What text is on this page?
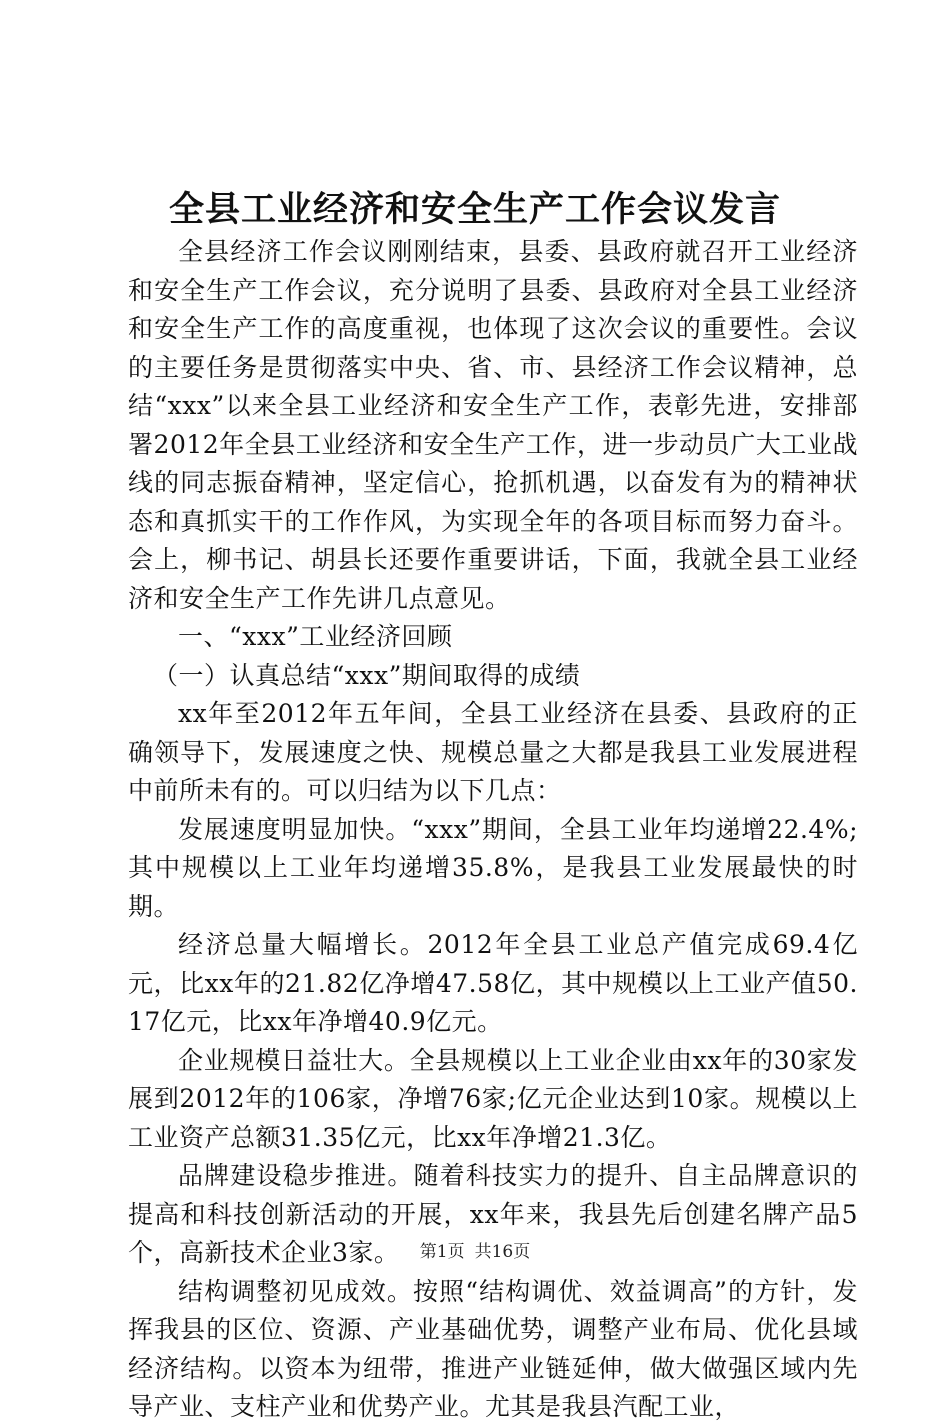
全县工业经济和安全生产工作会议发言

全县经济工作会议刚刚结束，县委、县政府就召开工业经济和安全生产工作会议，充分说明了县委、县政府对全县工业经济和安全生产工作的高度重视，也体现了这次会议的重要性。会议的主要任务是贯彻落实中央、省、市、县经济工作会议精神，总结“xxx”以来全县工业经济和安全生产工作，表彰先进，安排部署2012年全县工业经济和安全生产工作，进一步动员广大工业战线的同志振奋精神，坚定信心，抢抓机遇，以奋发有为的精神状态和真抓实干的工作作风，为实现全年的各项目标而努力奋斗。会上，柳书记、胡县长还要作重要讲话，下面，我就全县工业经济和安全生产工作先讲几点意见。

一、“xxx”工业经济回顾

（一）认真总结“xxx”期间取得的成绩

xx年至2012年五年间，全县工业经济在县委、县政府的正确领导下，发展速度之快、规模总量之大都是我县工业发展进程中前所未有的。可以归结为以下几点：

发展速度明显加快。“xxx”期间，全县工业年均递增22.4%;其中规模以上工业年均递增35.8%，是我县工业发展最快的时期。

经济总量大幅增长。2012年全县工业总产值完成69.4亿元，比xx年的21.82亿净增47.58亿，其中规模以上工业产值50.17亿元，比xx年净增40.9亿元。

企业规模日益壮大。全县规模以上工业企业由xx年的30家发展到2012年的106家，净增76家;亿元企业达到10家。规模以上工业资产总额31.35亿元，比xx年净增21.3亿。

品牌建设稳步推进。随着科技实力的提升、自主品牌意识的提高和科技创新活动的开展，xx年来，我县先后创建名牌产品5个，高新技术企业3家。

结构调整初见成效。按照“结构调优、效益调高”的方针，发挥我县的区位、资源、产业基础优势，调整产业布局、优化县域经济结构。以资本为纽带，推进产业链延伸，做大做强区域内先导产业、支柱产业和优势产业。尤其是我县汽配工业，

第1页 共16页
